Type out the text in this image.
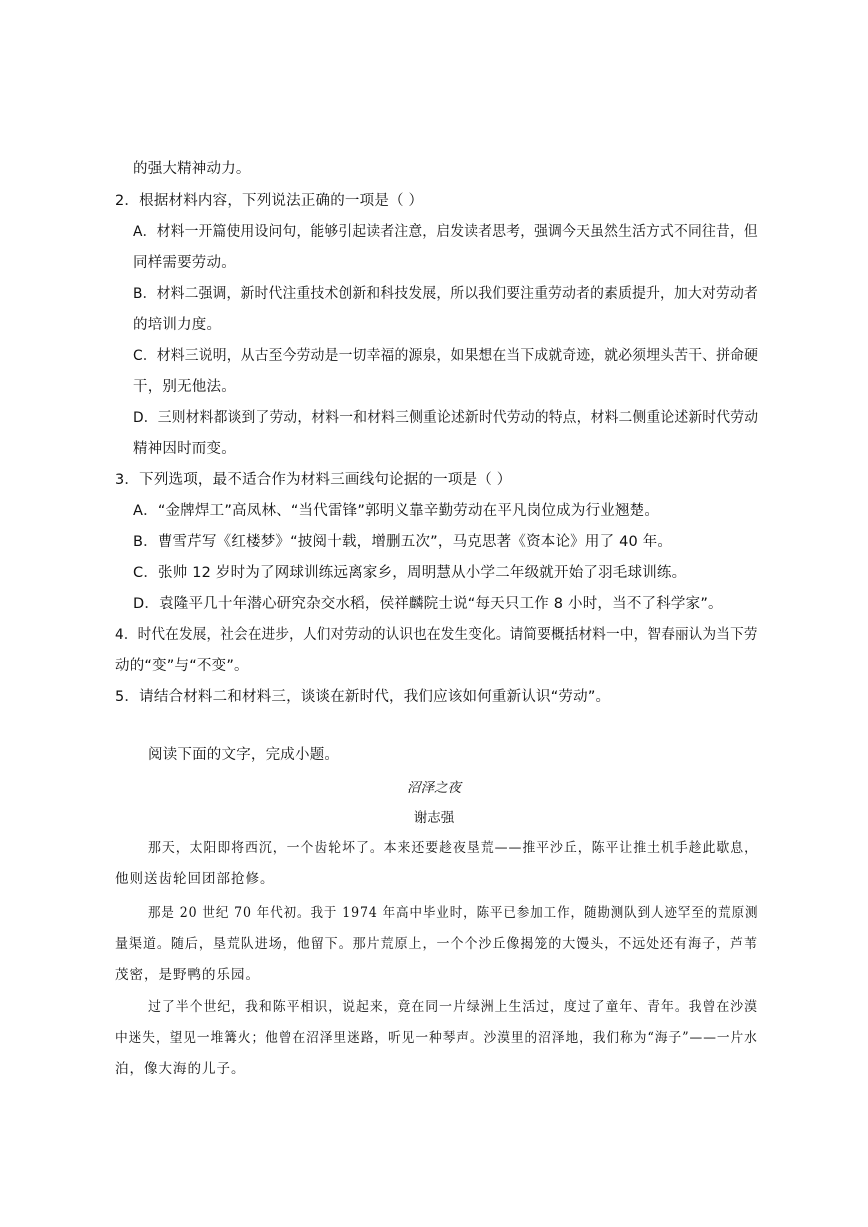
的强大精神动力。
2．根据材料内容，下列说法正确的一项是（ ）
A．材料一开篇使用设问句，能够引起读者注意，启发读者思考，强调今天虽然生活方式不同往昔，但
同样需要劳动。
B．材料二强调，新时代注重技术创新和科技发展，所以我们要注重劳动者的素质提升，加大对劳动者
的培训力度。
C．材料三说明，从古至今劳动是一切幸福的源泉，如果想在当下成就奇迹，就必须埋头苦干、拼命硬
干，别无他法。
D．三则材料都谈到了劳动，材料一和材料三侧重论述新时代劳动的特点，材料二侧重论述新时代劳动
精神因时而变。
3．下列选项，最不适合作为材料三画线句论据的一项是（ ）
A．“金牌焊工”高凤林、“当代雷锋”郭明义靠辛勤劳动在平凡岗位成为行业翘楚。
B．曹雪芹写《红楼梦》“披阅十载，增删五次”，马克思著《资本论》用了 40 年。
C．张帅 12 岁时为了网球训练远离家乡，周明慧从小学二年级就开始了羽毛球训练。
D．袁隆平几十年潜心研究杂交水稻，侯祥麟院士说“每天只工作 8 小时，当不了科学家”。
4．时代在发展，社会在进步，人们对劳动的认识也在发生变化。请简要概括材料一中，智春丽认为当下劳
动的“变”与“不变”。
5．请结合材料二和材料三，谈谈在新时代，我们应该如何重新认识“劳动”。
阅读下面的文字，完成小题。
沼泽之夜
谢志强
那天，太阳即将西沉，一个齿轮坏了。本来还要趁夜垦荒——推平沙丘，陈平让推土机手趁此歇息，
他则送齿轮回团部抢修。
那是 20 世纪 70 年代初。我于 1974 年高中毕业时，陈平已参加工作，随勘测队到人迹罕至的荒原测
量渠道。随后，垦荒队进场，他留下。那片荒原上，一个个沙丘像揭笼的大馒头，不远处还有海子，芦苇
茂密，是野鸭的乐园。
过了半个世纪，我和陈平相识，说起来，竟在同一片绿洲上生活过，度过了童年、青年。我曾在沙漠
中迷失，望见一堆篝火；他曾在沼泽里迷路，听见一种琴声。沙漠里的沼泽地，我们称为“海子”——一片水
泊，像大海的儿子。
